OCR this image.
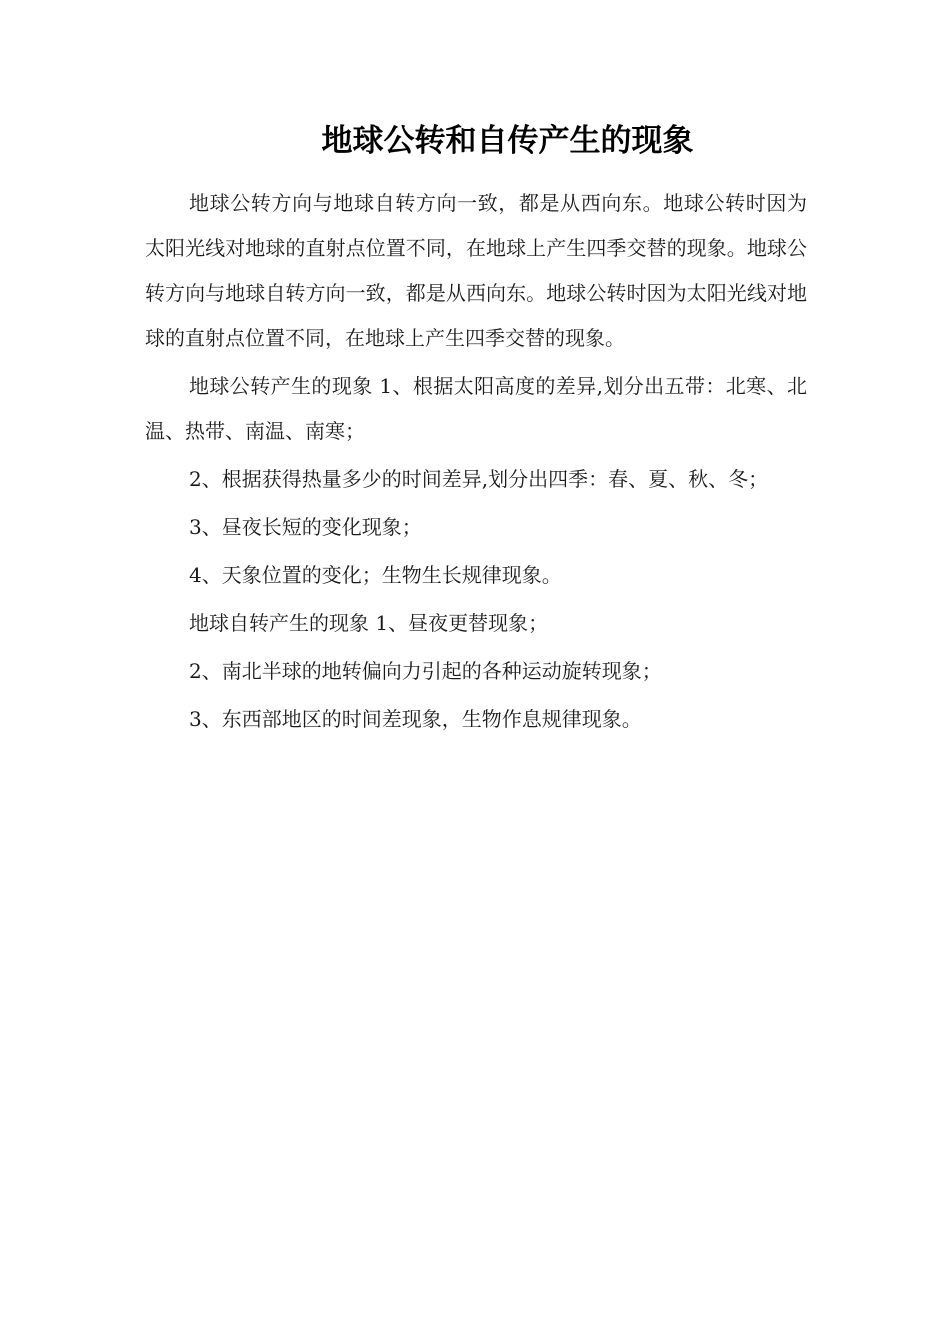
地球公转和自传产生的现象

地球公转方向与地球自转方向一致，都是从西向东。地球公转时因为太阳光线对地球的直射点位置不同，在地球上产生四季交替的现象。地球公转方向与地球自转方向一致，都是从西向东。地球公转时因为太阳光线对地球的直射点位置不同，在地球上产生四季交替的现象。

地球公转产生的现象 1、根据太阳高度的差异,划分出五带：北寒、北温、热带、南温、南寒；

2、根据获得热量多少的时间差异,划分出四季：春、夏、秋、冬；

3、昼夜长短的变化现象；

4、天象位置的变化；生物生长规律现象。

地球自转产生的现象 1、昼夜更替现象；

2、南北半球的地转偏向力引起的各种运动旋转现象；

3、东西部地区的时间差现象，生物作息规律现象。
